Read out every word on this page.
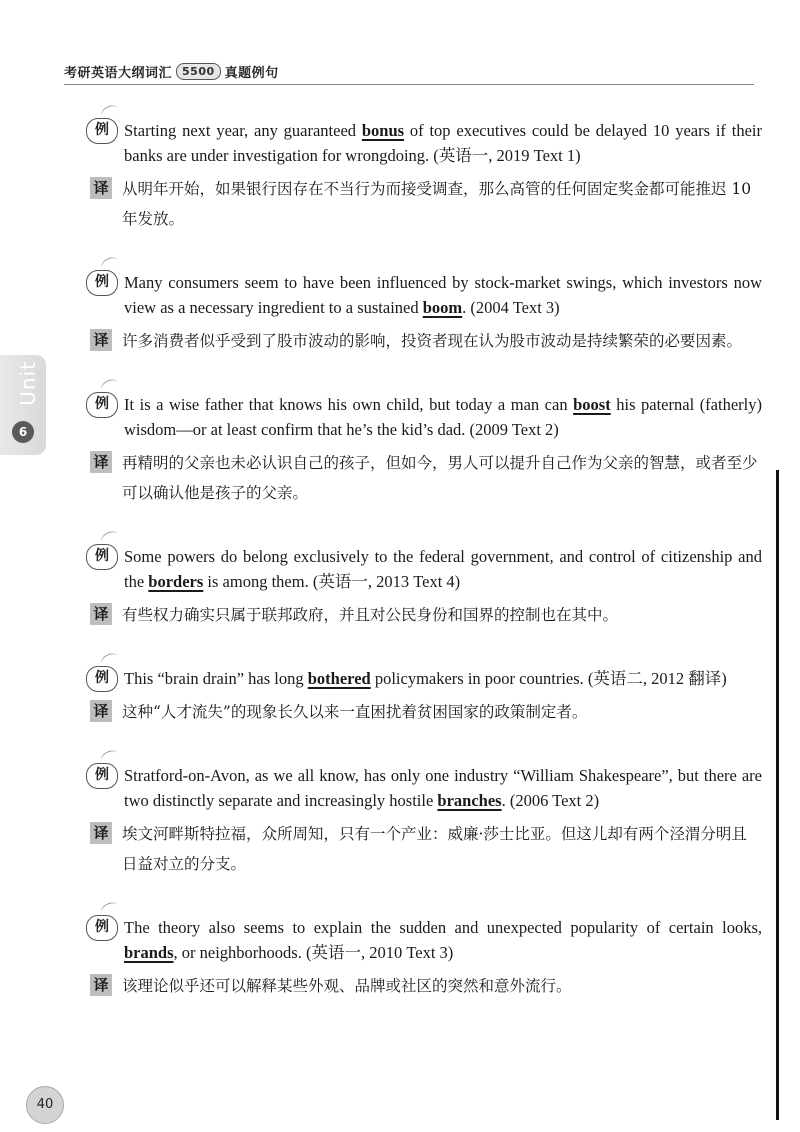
考研英语大纲词汇 5500 真题例句
Unit
6
例 Starting next year, any guaranteed bonus of top executives could be delayed 10 years if their banks are under investigation for wrongdoing. (英语一, 2019 Text 1)
译 从明年开始，如果银行因存在不当行为而接受调查，那么高管的任何固定奖金都可能推迟 10 年发放。
例 Many consumers seem to have been influenced by stock-market swings, which investors now view as a necessary ingredient to a sustained boom. (2004 Text 3)
译 许多消费者似乎受到了股市波动的影响，投资者现在认为股市波动是持续繁荣的必要因素。
例 It is a wise father that knows his own child, but today a man can boost his paternal (fatherly) wisdom—or at least confirm that he’s the kid’s dad. (2009 Text 2)
译 再精明的父亲也未必认识自己的孩子，但如今，男人可以提升自己作为父亲的智慧，或者至少可以确认他是孩子的父亲。
例 Some powers do belong exclusively to the federal government, and control of citizenship and the borders is among them. (英语一, 2013 Text 4)
译 有些权力确实只属于联邦政府，并且对公民身份和国界的控制也在其中。
例 This “brain drain” has long bothered policymakers in poor countries. (英语二, 2012 翻译)
译 这种“人才流失”的现象长久以来一直困扰着贫困国家的政策制定者。
例 Stratford-on-Avon, as we all know, has only one industry “William Shakespeare”, but there are two distinctly separate and increasingly hostile branches. (2006 Text 2)
译 埃文河畔斯特拉福，众所周知，只有一个产业：威廉·莎士比亚。但这儿却有两个泾渭分明且日益对立的分支。
例 The theory also seems to explain the sudden and unexpected popularity of certain looks, brands, or neighborhoods. (英语一, 2010 Text 3)
译 该理论似乎还可以解释某些外观、品牌或社区的突然和意外流行。
40
